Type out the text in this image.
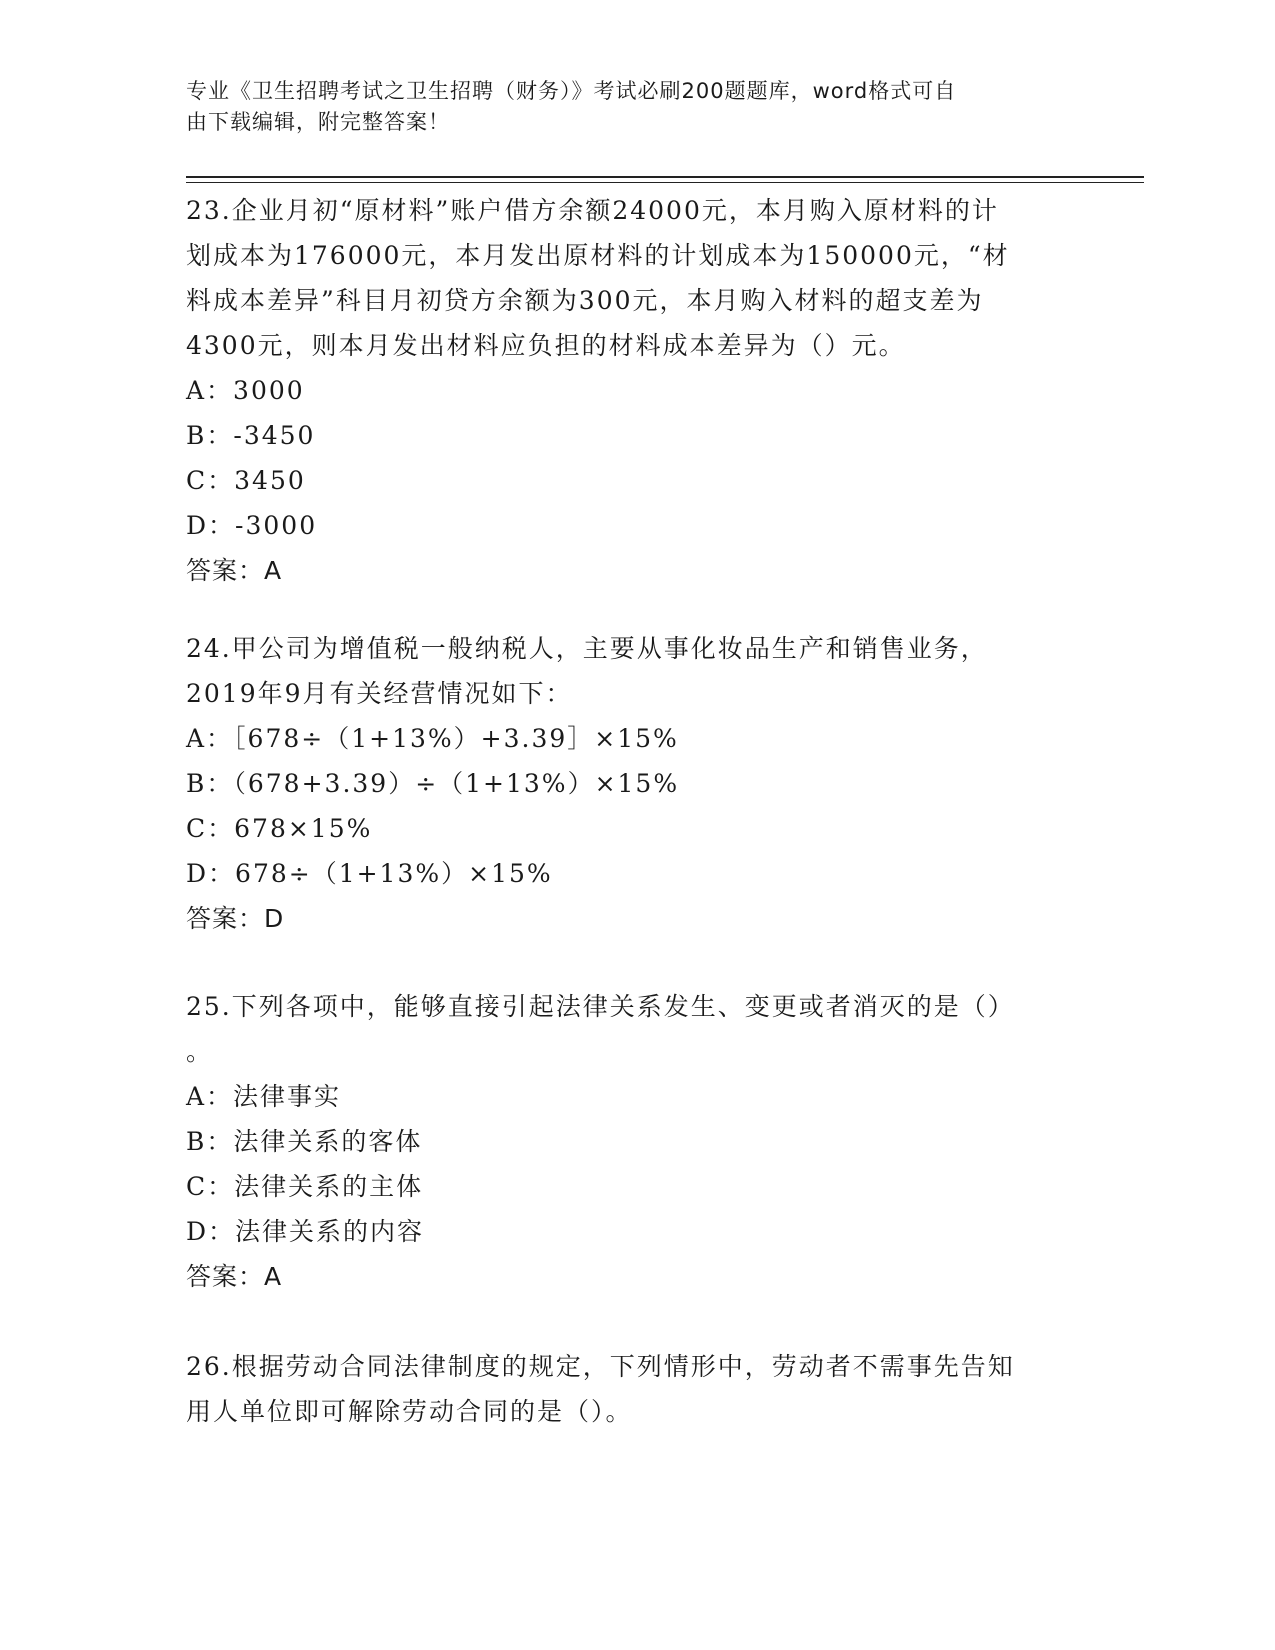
专业《卫生招聘考试之卫生招聘（财务）》考试必刷200题题库，word格式可自
由下载编辑，附完整答案！
23.企业月初“原材料”账户借方余额24000元，本月购入原材料的计
划成本为176000元，本月发出原材料的计划成本为150000元，“材
料成本差异”科目月初贷方余额为300元，本月购入材料的超支差为
4300元，则本月发出材料应负担的材料成本差异为（）元。
A：3000
B：-3450
C：3450
D：-3000
答案：A
24.甲公司为增值税一般纳税人，主要从事化妆品生产和销售业务，
2019年9月有关经营情况如下：
A：［678÷（1+13%）+3.39］×15%
B：（678+3.39）÷（1+13%）×15%
C：678×15%
D：678÷（1+13%）×15%
答案：D
25.下列各项中，能够直接引起法律关系发生、变更或者消灭的是（）
。
A：法律事实
B：法律关系的客体
C：法律关系的主体
D：法律关系的内容
答案：A
26.根据劳动合同法律制度的规定，下列情形中，劳动者不需事先告知
用人单位即可解除劳动合同的是（）。
